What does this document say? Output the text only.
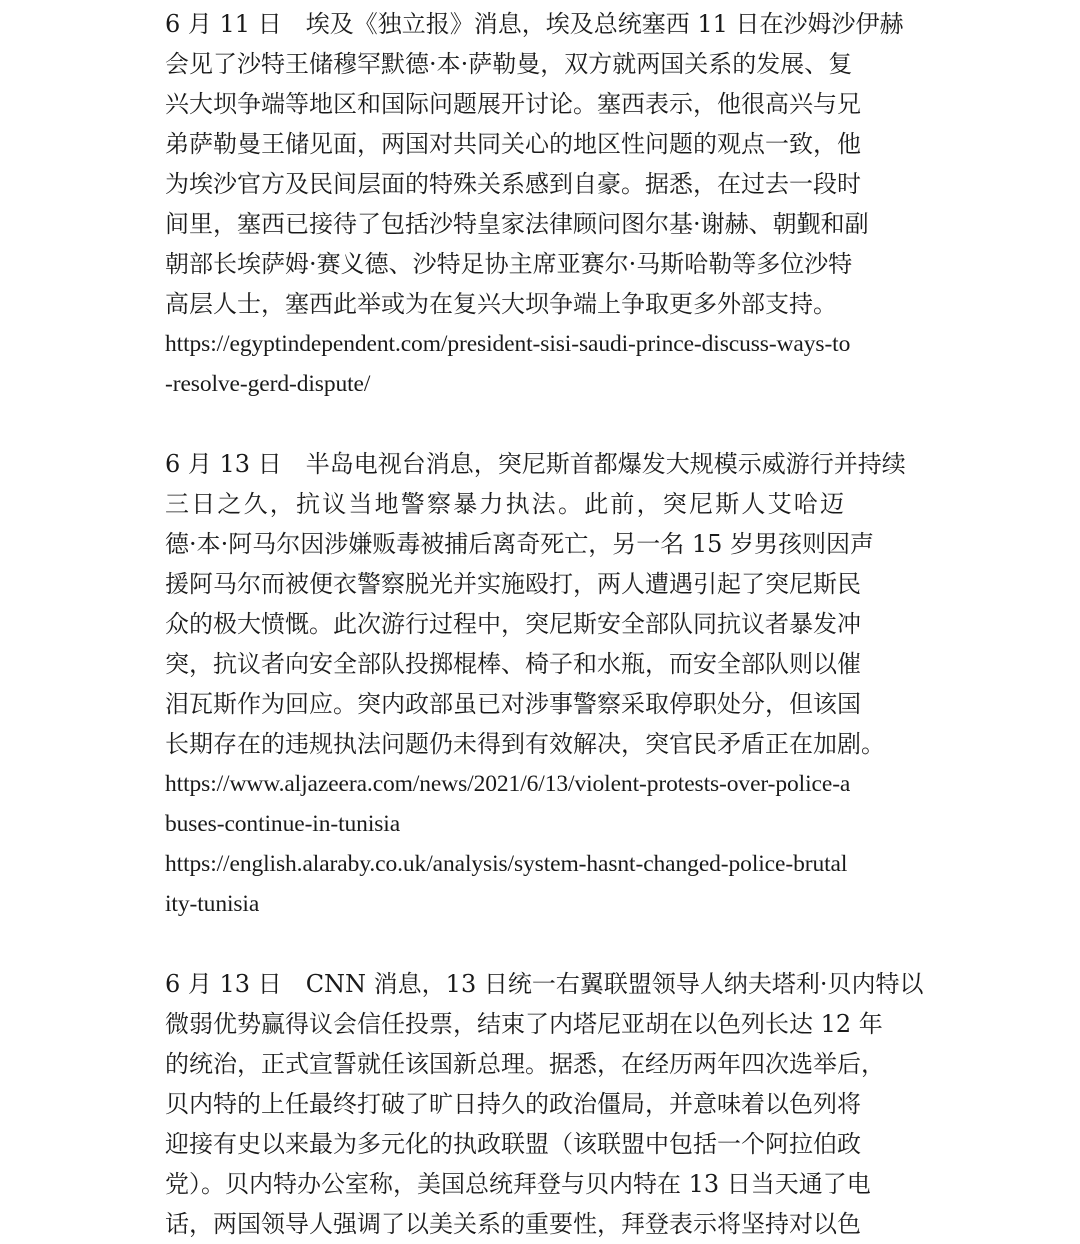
6 月 11 日　埃及《独立报》消息，埃及总统塞西 11 日在沙姆沙伊赫
会见了沙特王储穆罕默德·本·萨勒曼，双方就两国关系的发展、复
兴大坝争端等地区和国际问题展开讨论。塞西表示，他很高兴与兄
弟萨勒曼王储见面，两国对共同关心的地区性问题的观点一致，他
为埃沙官方及民间层面的特殊关系感到自豪。据悉，在过去一段时
间里，塞西已接待了包括沙特皇家法律顾问图尔基·谢赫、朝觐和副
朝部长埃萨姆·赛义德、沙特足协主席亚赛尔·马斯哈勒等多位沙特
高层人士，塞西此举或为在复兴大坝争端上争取更多外部支持。
https://egyptindependent.com/president-sisi-saudi-prince-discuss-ways-to
-resolve-gerd-dispute/
6 月 13 日　半岛电视台消息，突尼斯首都爆发大规模示威游行并持续
三日之久，抗议当地警察暴力执法。此前，突尼斯人艾哈迈
德·本·阿马尔因涉嫌贩毒被捕后离奇死亡，另一名 15 岁男孩则因声
援阿马尔而被便衣警察脱光并实施殴打，两人遭遇引起了突尼斯民
众的极大愤慨。此次游行过程中，突尼斯安全部队同抗议者暴发冲
突，抗议者向安全部队投掷棍棒、椅子和水瓶，而安全部队则以催
泪瓦斯作为回应。突内政部虽已对涉事警察采取停职处分，但该国
长期存在的违规执法问题仍未得到有效解决，突官民矛盾正在加剧。
https://www.aljazeera.com/news/2021/6/13/violent-protests-over-police-a
buses-continue-in-tunisia
https://english.alaraby.co.uk/analysis/system-hasnt-changed-police-brutal
ity-tunisia
6 月 13 日　CNN 消息，13 日统一右翼联盟领导人纳夫塔利·贝内特以
微弱优势赢得议会信任投票，结束了内塔尼亚胡在以色列长达 12 年
的统治，正式宣誓就任该国新总理。据悉，在经历两年四次选举后，
贝内特的上任最终打破了旷日持久的政治僵局，并意味着以色列将
迎接有史以来最为多元化的执政联盟（该联盟中包括一个阿拉伯政
党）。贝内特办公室称，美国总统拜登与贝内特在 13 日当天通了电
话，两国领导人强调了以美关系的重要性，拜登表示将坚持对以色
